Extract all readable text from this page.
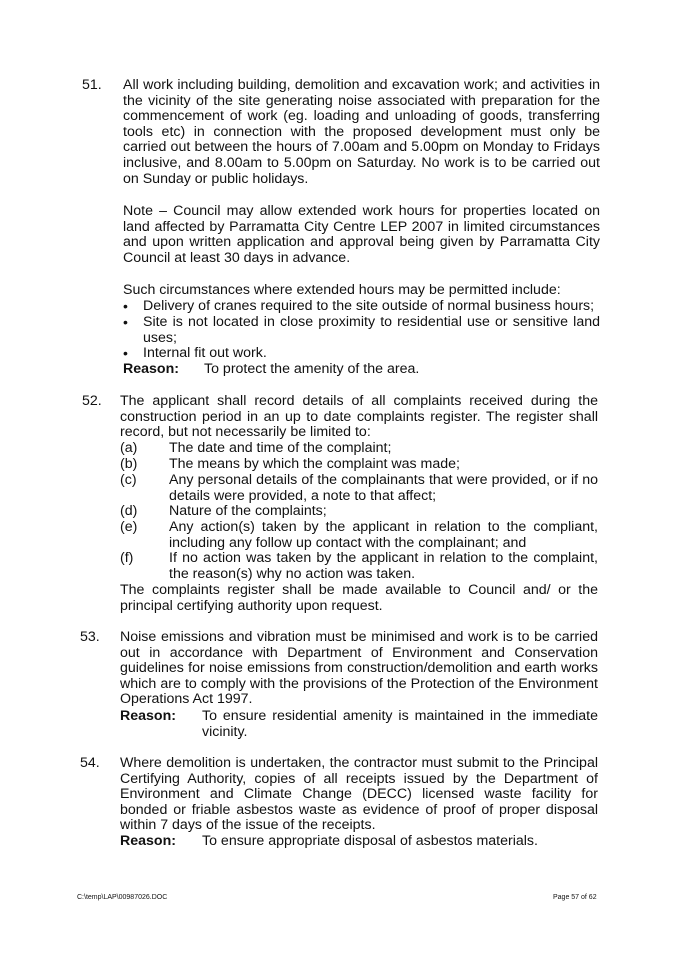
51. All work including building, demolition and excavation work; and activities in the vicinity of the site generating noise associated with preparation for the commencement of work (eg. loading and unloading of goods, transferring tools etc) in connection with the proposed development must only be carried out between the hours of 7.00am and 5.00pm on Monday to Fridays inclusive, and 8.00am to 5.00pm on Saturday. No work is to be carried out on Sunday or public holidays.
Note – Council may allow extended work hours for properties located on land affected by Parramatta City Centre LEP 2007 in limited circumstances and upon written application and approval being given by Parramatta City Council at least 30 days in advance.
Such circumstances where extended hours may be permitted include:
• Delivery of cranes required to the site outside of normal business hours;
• Site is not located in close proximity to residential use or sensitive land uses;
• Internal fit out work.
Reason: To protect the amenity of the area.
52. The applicant shall record details of all complaints received during the construction period in an up to date complaints register. The register shall record, but not necessarily be limited to:
(a) The date and time of the complaint;
(b) The means by which the complaint was made;
(c) Any personal details of the complainants that were provided, or if no details were provided, a note to that affect;
(d) Nature of the complaints;
(e) Any action(s) taken by the applicant in relation to the compliant, including any follow up contact with the complainant; and
(f)	If no action was taken by the applicant in relation to the complaint, the reason(s) why no action was taken.
The complaints register shall be made available to Council and/ or the principal certifying authority upon request.
53. Noise emissions and vibration must be minimised and work is to be carried out in accordance with Department of Environment and Conservation guidelines for noise emissions from construction/demolition and earth works which are to comply with the provisions of the Protection of the Environment Operations Act 1997.
Reason: To ensure residential amenity is maintained in the immediate vicinity.
54. Where demolition is undertaken, the contractor must submit to the Principal Certifying Authority, copies of all receipts issued by the Department of Environment and Climate Change (DECC) licensed waste facility for bonded or friable asbestos waste as evidence of proof of proper disposal within 7 days of the issue of the receipts.
Reason: To ensure appropriate disposal of asbestos materials.
C:\temp\LAP\00987026.DOC	Page 57 of 62
